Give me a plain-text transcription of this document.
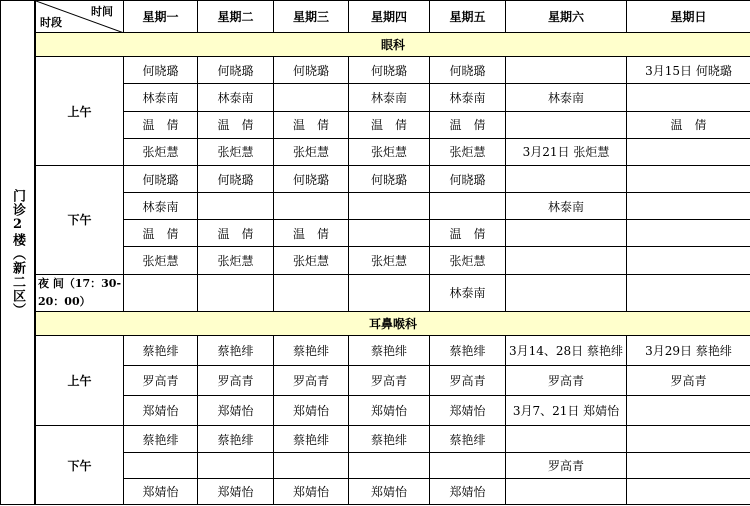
门诊2楼（新二区）
时间
时段	星期一	星期二	星期三	星期四	星期五	星期六	星期日
眼科							
上午	何晓璐	何晓璐	何晓璐	何晓璐	何晓璐		3月15日 何晓璐
	林泰南	林泰南		林泰南	林泰南	林泰南	
	温　倩	温　倩	温　倩	温　倩	温　倩		温　倩
	张炬慧	张炬慧	张炬慧	张炬慧	张炬慧	3月21日 张炬慧	
下午	何晓璐	何晓璐	何晓璐	何晓璐	何晓璐		
	林泰南					林泰南	
	温　倩	温　倩	温　倩		温　倩		
	张炬慧	张炬慧	张炬慧	张炬慧	张炬慧		
夜 间（17：30-20：00）					林泰南		
耳鼻喉科							
上午	蔡艳绯	蔡艳绯	蔡艳绯	蔡艳绯	蔡艳绯	3月14、28日 蔡艳绯	3月29日 蔡艳绯
	罗高青	罗高青	罗高青	罗高青	罗高青	罗高青	罗高青
	郑婧怡	郑婧怡	郑婧怡	郑婧怡	郑婧怡	3月7、21日 郑婧怡	
下午	蔡艳绯	蔡艳绯	蔡艳绯	蔡艳绯	蔡艳绯		
						罗高青	
	郑婧怡	郑婧怡	郑婧怡	郑婧怡	郑婧怡		
